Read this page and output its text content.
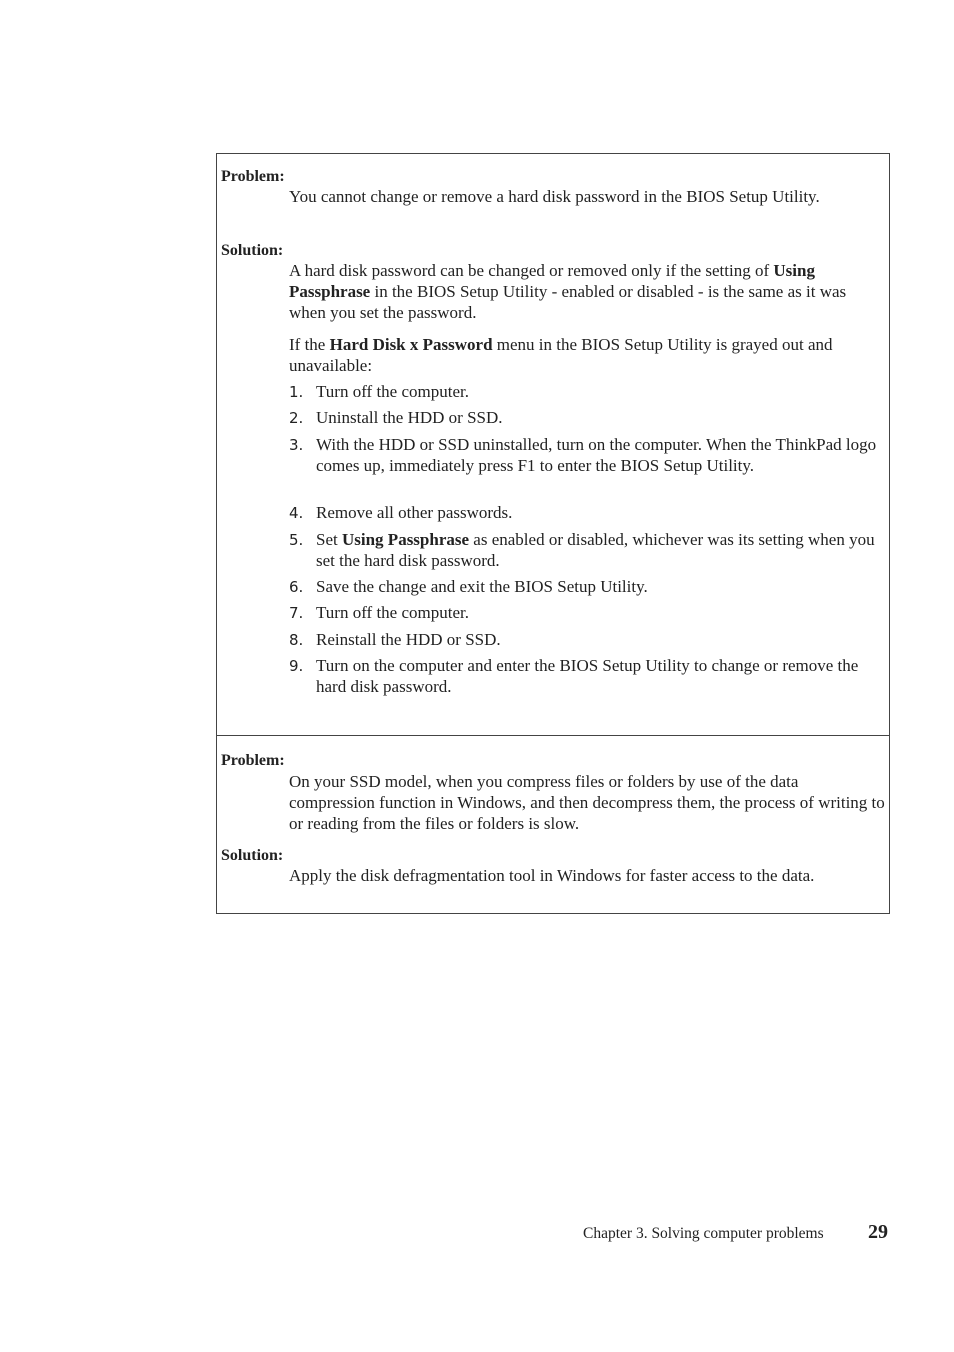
Problem:
You cannot change or remove a hard disk password in the BIOS Setup Utility.
Solution:
A hard disk password can be changed or removed only if the setting of Using Passphrase in the BIOS Setup Utility - enabled or disabled - is the same as it was when you set the password.
If the Hard Disk x Password menu in the BIOS Setup Utility is grayed out and unavailable:
1. Turn off the computer.
2. Uninstall the HDD or SSD.
3. With the HDD or SSD uninstalled, turn on the computer. When the ThinkPad logo comes up, immediately press F1 to enter the BIOS Setup Utility.
4. Remove all other passwords.
5. Set Using Passphrase as enabled or disabled, whichever was its setting when you set the hard disk password.
6. Save the change and exit the BIOS Setup Utility.
7. Turn off the computer.
8. Reinstall the HDD or SSD.
9. Turn on the computer and enter the BIOS Setup Utility to change or remove the hard disk password.
Problem:
On your SSD model, when you compress files or folders by use of the data compression function in Windows, and then decompress them, the process of writing to or reading from the files or folders is slow.
Solution:
Apply the disk defragmentation tool in Windows for faster access to the data.
Chapter 3. Solving computer problems 29
